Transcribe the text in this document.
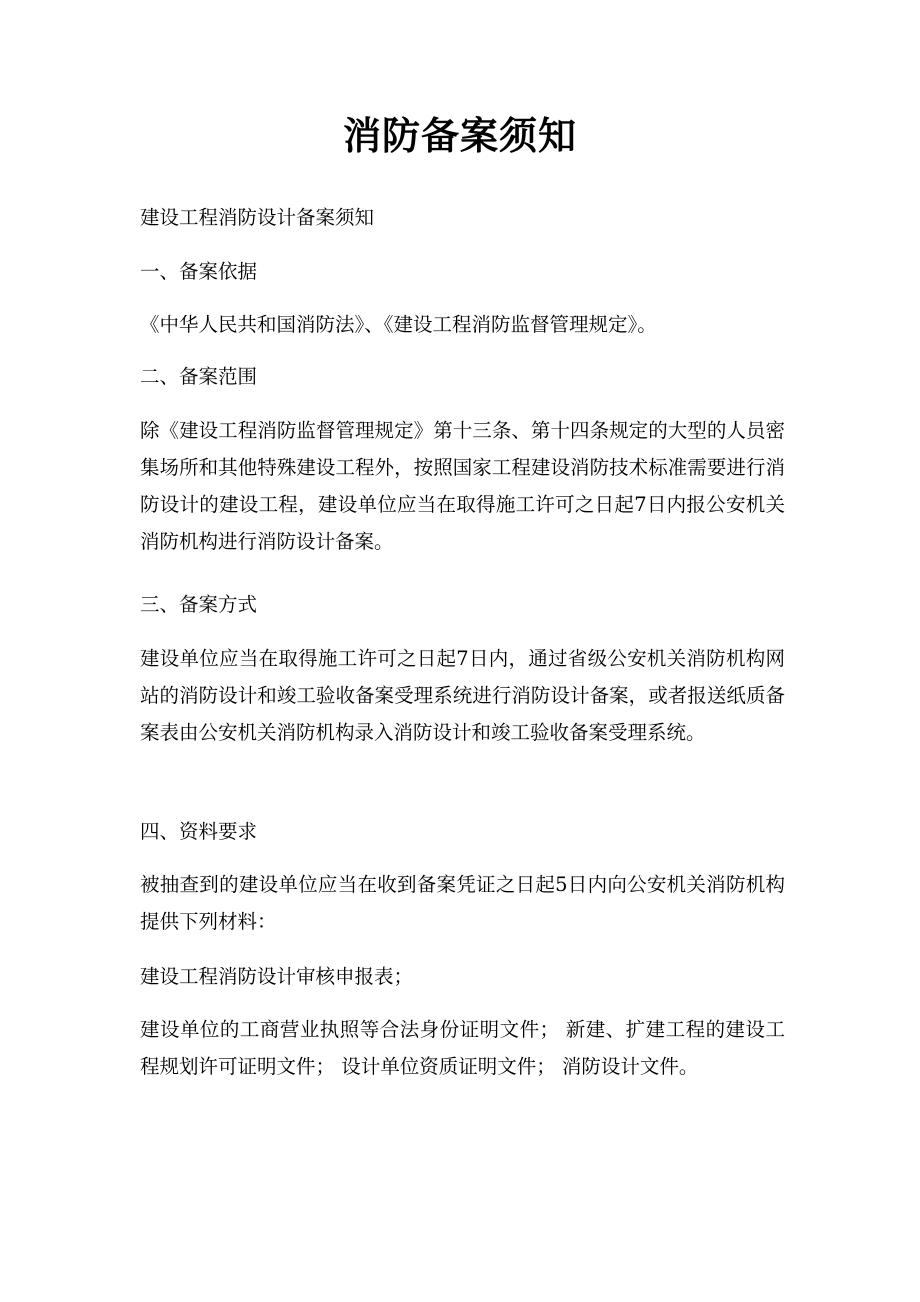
消防备案须知
建设工程消防设计备案须知
一、备案依据
《中华人民共和国消防法》、《建设工程消防监督管理规定》。
二、备案范围
除《建设工程消防监督管理规定》第十三条、第十四条规定的大型的人员密集场所和其他特殊建设工程外，按照国家工程建设消防技术标准需要进行消防设计的建设工程，建设单位应当在取得施工许可之日起7日内报公安机关消防机构进行消防设计备案。
三、备案方式
建设单位应当在取得施工许可之日起7日内，通过省级公安机关消防机构网站的消防设计和竣工验收备案受理系统进行消防设计备案，或者报送纸质备案表由公安机关消防机构录入消防设计和竣工验收备案受理系统。
四、资料要求
被抽查到的建设单位应当在收到备案凭证之日起5日内向公安机关消防机构提供下列材料：
建设工程消防设计审核申报表；
建设单位的工商营业执照等合法身份证明文件； 新建、扩建工程的建设工程规划许可证明文件； 设计单位资质证明文件； 消防设计文件。
